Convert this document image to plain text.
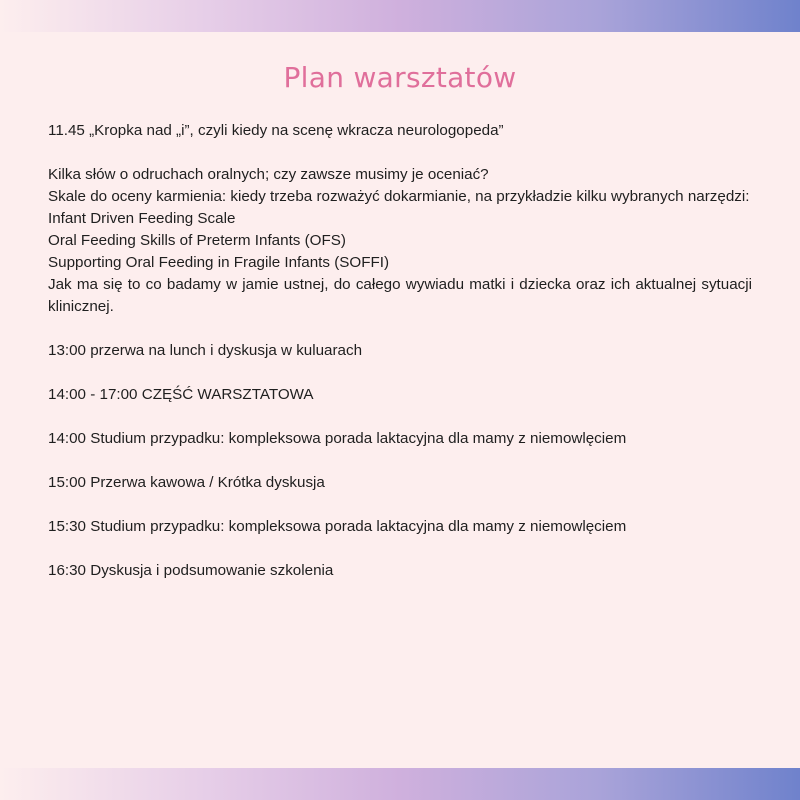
Plan warsztatów

11.45 „Kropka nad „i”, czyli kiedy na scenę wkracza neurologopeda”

Kilka słów o odruchach oralnych; czy zawsze musimy je oceniać?

Skale do oceny karmienia: kiedy trzeba rozważyć dokarmianie, na przykładzie kilku wybranych narzędzi:

Infant Driven Feeding Scale

Oral Feeding Skills of Preterm Infants (OFS)

Supporting Oral Feeding in Fragile Infants (SOFFI)

Jak ma się to co badamy w jamie ustnej, do całego wywiadu matki i dziecka oraz ich aktualnej sytuacji klinicznej.

13:00 przerwa na lunch i dyskusja w kuluarach

14:00 - 17:00 CZĘŚĆ WARSZTATOWA

14:00 Studium przypadku: kompleksowa porada laktacyjna dla mamy z niemowlęciem

15:00 Przerwa kawowa / Krótka dyskusja

15:30 Studium przypadku: kompleksowa porada laktacyjna dla mamy z niemowlęciem

16:30 Dyskusja i podsumowanie szkolenia
